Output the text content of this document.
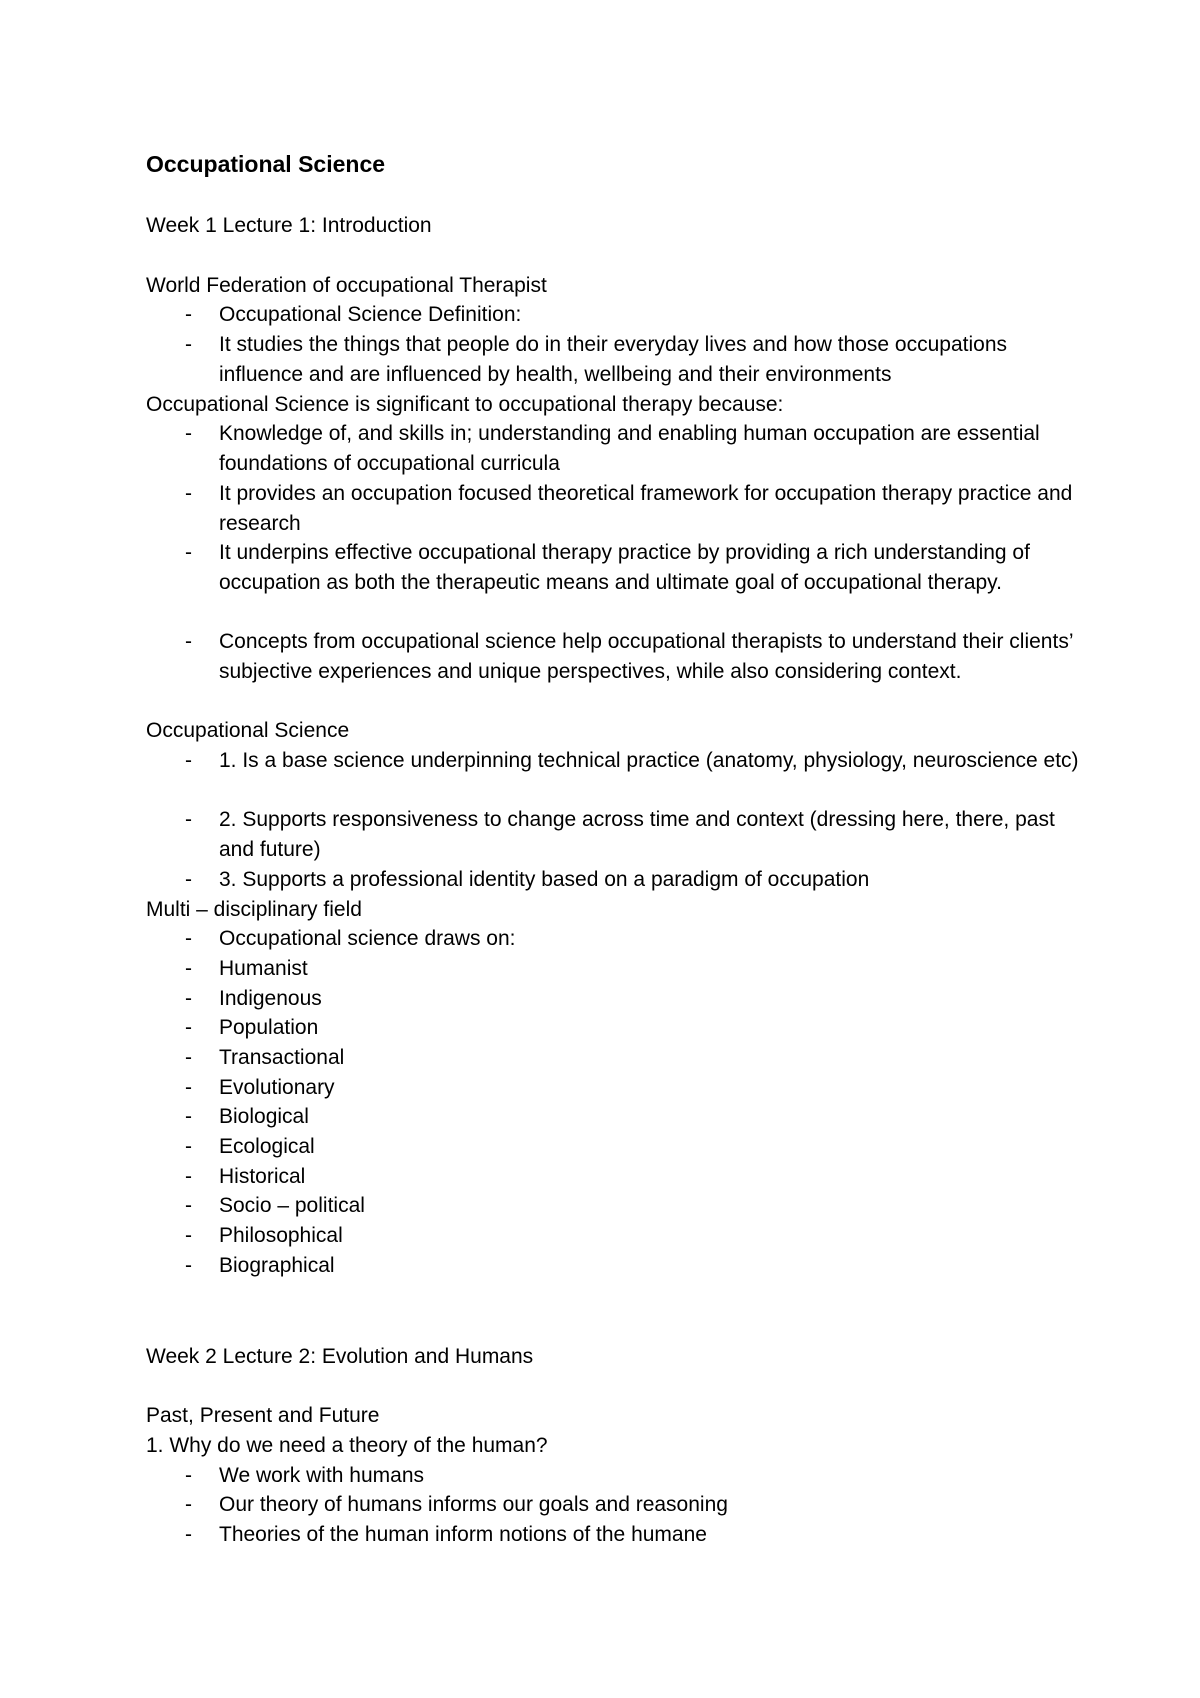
Occupational Science
Week 1 Lecture 1: Introduction
World Federation of occupational Therapist
- Occupational Science Definition:
- It studies the things that people do in their everyday lives and how those occupations influence and are influenced by health, wellbeing and their environments
Occupational Science is significant to occupational therapy because:
- Knowledge of, and skills in; understanding and enabling human occupation are essential foundations of occupational curricula
- It provides an occupation focused theoretical framework for occupation therapy practice and research
- It underpins effective occupational therapy practice by providing a rich understanding of occupation as both the therapeutic means and ultimate goal of occupational therapy.
- Concepts from occupational science help occupational therapists to understand their clients’ subjective experiences and unique perspectives, while also considering context.
Occupational Science
- 1. Is a base science underpinning technical practice (anatomy, physiology, neuroscience etc)
- 2. Supports responsiveness to change across time and context (dressing here, there, past and future)
- 3. Supports a professional identity based on a paradigm of occupation
Multi – disciplinary field
- Occupational science draws on:
- Humanist
- Indigenous
- Population
- Transactional
- Evolutionary
- Biological
- Ecological
- Historical
- Socio – political
- Philosophical
- Biographical
Week 2 Lecture 2: Evolution and Humans
Past, Present and Future
1. Why do we need a theory of the human?
- We work with humans
- Our theory of humans informs our goals and reasoning
- Theories of the human inform notions of the humane
